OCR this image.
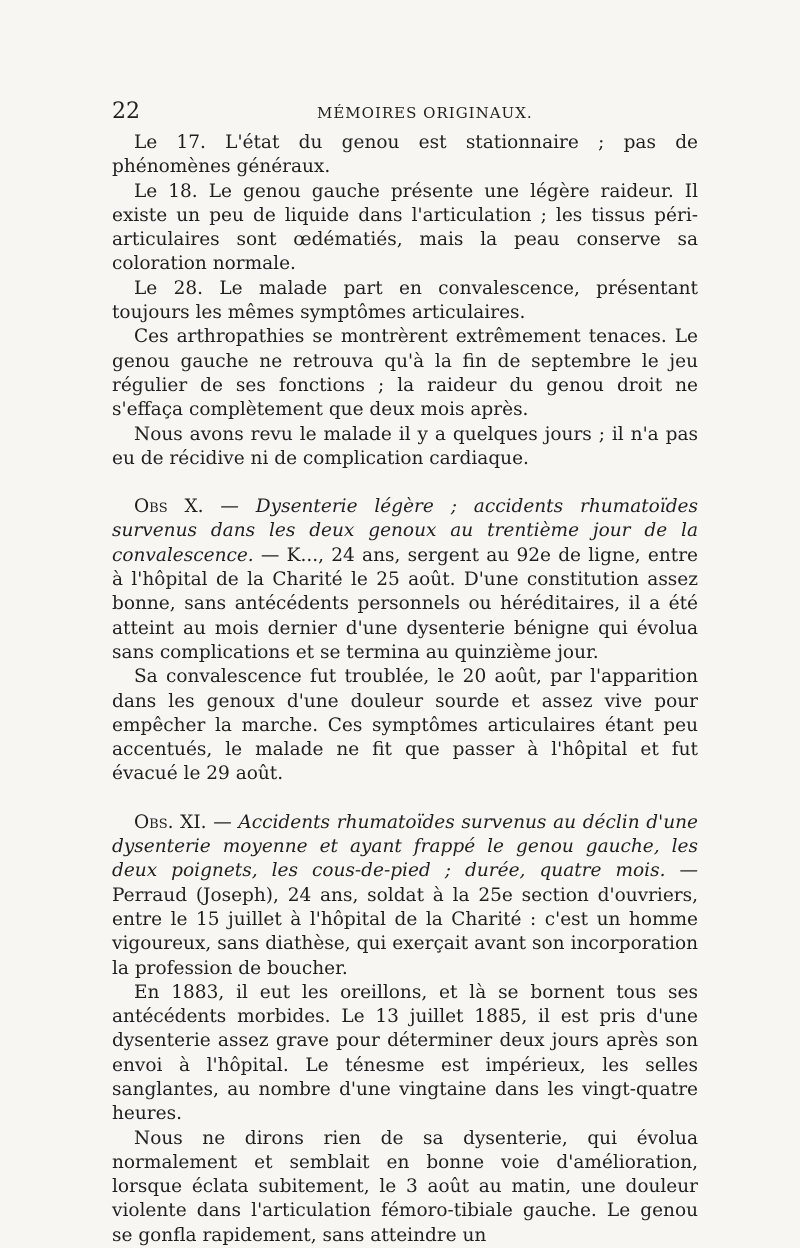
22	MÉMOIRES ORIGINAUX.

Le 17. L'état du genou est stationnaire ; pas de phénomènes généraux.

Le 18. Le genou gauche présente une légère raideur. Il existe un peu de liquide dans l'articulation ; les tissus péri-articulaires sont œdématiés, mais la peau conserve sa coloration normale.

Le 28. Le malade part en convalescence, présentant toujours les mêmes symptômes articulaires.

Ces arthropathies se montrèrent extrêmement tenaces. Le genou gauche ne retrouva qu'à la fin de septembre le jeu régulier de ses fonctions ; la raideur du genou droit ne s'effaça complètement que deux mois après.

Nous avons revu le malade il y a quelques jours ; il n'a pas eu de récidive ni de complication cardiaque.

Obs X. — Dysenterie légère ; accidents rhumatoïdes survenus dans les deux genoux au trentième jour de la convalescence. — K..., 24 ans, sergent au 92e de ligne, entre à l'hôpital de la Charité le 25 août. D'une constitution assez bonne, sans antécédents personnels ou héréditaires, il a été atteint au mois dernier d'une dysenterie bénigne qui évolua sans complications et se termina au quinzième jour.

Sa convalescence fut troublée, le 20 août, par l'apparition dans les genoux d'une douleur sourde et assez vive pour empêcher la marche. Ces symptômes articulaires étant peu accentués, le malade ne fit que passer à l'hôpital et fut évacué le 29 août.

Obs. XI. — Accidents rhumatoïdes survenus au déclin d'une dysenterie moyenne et ayant frappé le genou gauche, les deux poignets, les cous-de-pied ; durée, quatre mois. — Perraud (Joseph), 24 ans, soldat à la 25e section d'ouvriers, entre le 15 juillet à l'hôpital de la Charité : c'est un homme vigoureux, sans diathèse, qui exerçait avant son incorporation la profession de boucher.

En 1883, il eut les oreillons, et là se bornent tous ses antécédents morbides. Le 13 juillet 1885, il est pris d'une dysenterie assez grave pour déterminer deux jours après son envoi à l'hôpital. Le ténesme est impérieux, les selles sanglantes, au nombre d'une vingtaine dans les vingt-quatre heures.

Nous ne dirons rien de sa dysenterie, qui évolua normalement et semblait en bonne voie d'amélioration, lorsque éclata subitement, le 3 août au matin, une douleur violente dans l'articulation fémoro-tibiale gauche. Le genou se gonfla rapidement, sans atteindre un
